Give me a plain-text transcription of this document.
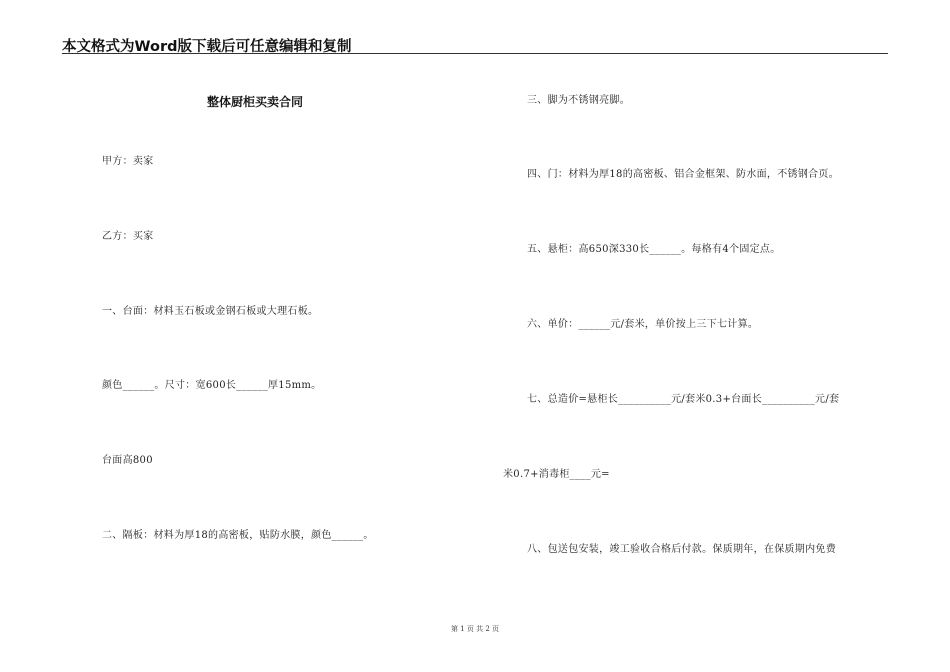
本文格式为Word版下载后可任意编辑和复制
整体厨柜买卖合同
甲方：卖家
乙方：买家
一、台面：材料玉石板或金钢石板或大理石板。
颜色______。尺寸：宽600长______厚15mm。
台面高800
二、隔板：材料为厚18的高密板，贴防水膜，颜色______。
三、脚为不锈钢亮脚。
四、门：材料为厚18的高密板、铝合金框架、防水面，不锈钢合页。
五、悬柜：高650深330长______。每格有4个固定点。
六、单价：______元/套米，单价按上三下七计算。
七、总造价=悬柜长__________元/套米0.3+台面长__________元/套
米0.7+消毒柜____元=
八、包送包安装，竣工验收合格后付款。保质期年，在保质期内免费
第 1 页 共 2 页
